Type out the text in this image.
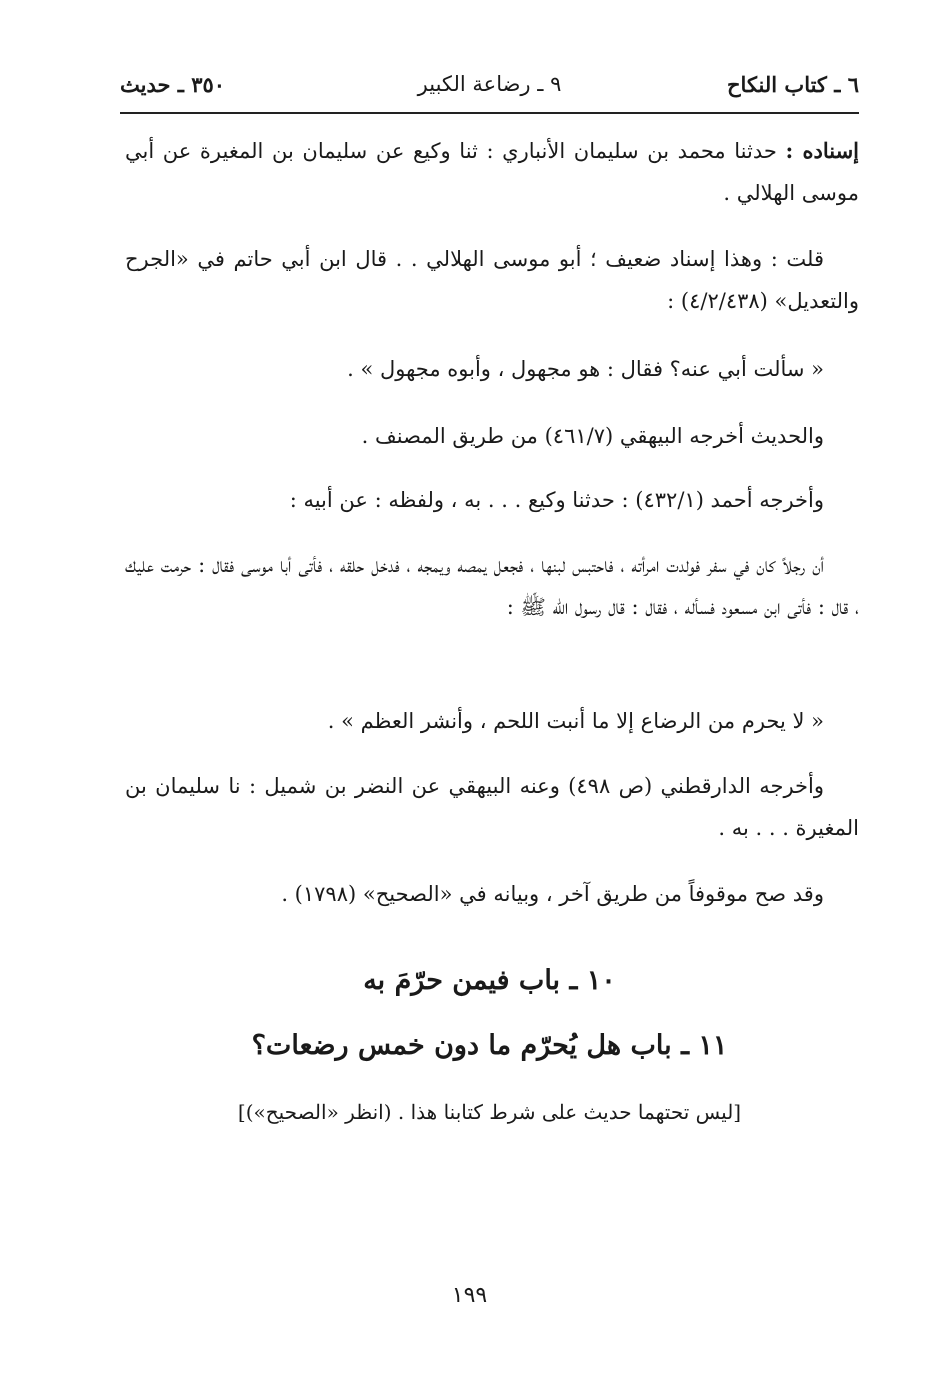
٦ ـ كتاب النكاح
٩ ـ رضاعة الكبير
٣٥٠ ـ حديث
إسناده : حدثنا محمد بن سليمان الأنباري : ثنا وكيع عن سليمان بن المغيرة عن أبي موسى الهلالي .
قلت : وهذا إسناد ضعيف ؛ أبو موسى الهلالي . . قال ابن أبي حاتم في «الجرح والتعديل» (٤/٢/٤٣٨) :
« سألت أبي عنه؟ فقال : هو مجهول ، وأبوه مجهول » .
والحديث أخرجه البيهقي (٤٦١/٧) من طريق المصنف .
وأخرجه أحمد (٤٣٢/١) : حدثنا وكيع . . . به ، ولفظه : عن أبيه :
أن رجلاً كان في سفر فولدت امرأته ، فاحتبس لبنها ، فجعل يمصه ويمجه ، فدخل حلقه ، فأتى أبا موسى فقال : حرمت عليك ، قال : فأتى ابن مسعود فسأله ، فقال : قال رسول الله ﷺ :
« لا يحرم من الرضاع إلا ما أنبت اللحم ، وأنشر العظم » .
وأخرجه الدارقطني (ص ٤٩٨) وعنه البيهقي عن النضر بن شميل : نا سليمان بن المغيرة . . . به .
وقد صح موقوفاً من طريق آخر ، وبيانه في «الصحيح» (١٧٩٨) .
١٠ ـ باب فيمن حرّمَ به
١١ ـ باب هل يُحرّم ما دون خمس رضعات؟
[ليس تحتهما حديث على شرط كتابنا هذا . (انظر «الصحيح»)]
١٩٩
